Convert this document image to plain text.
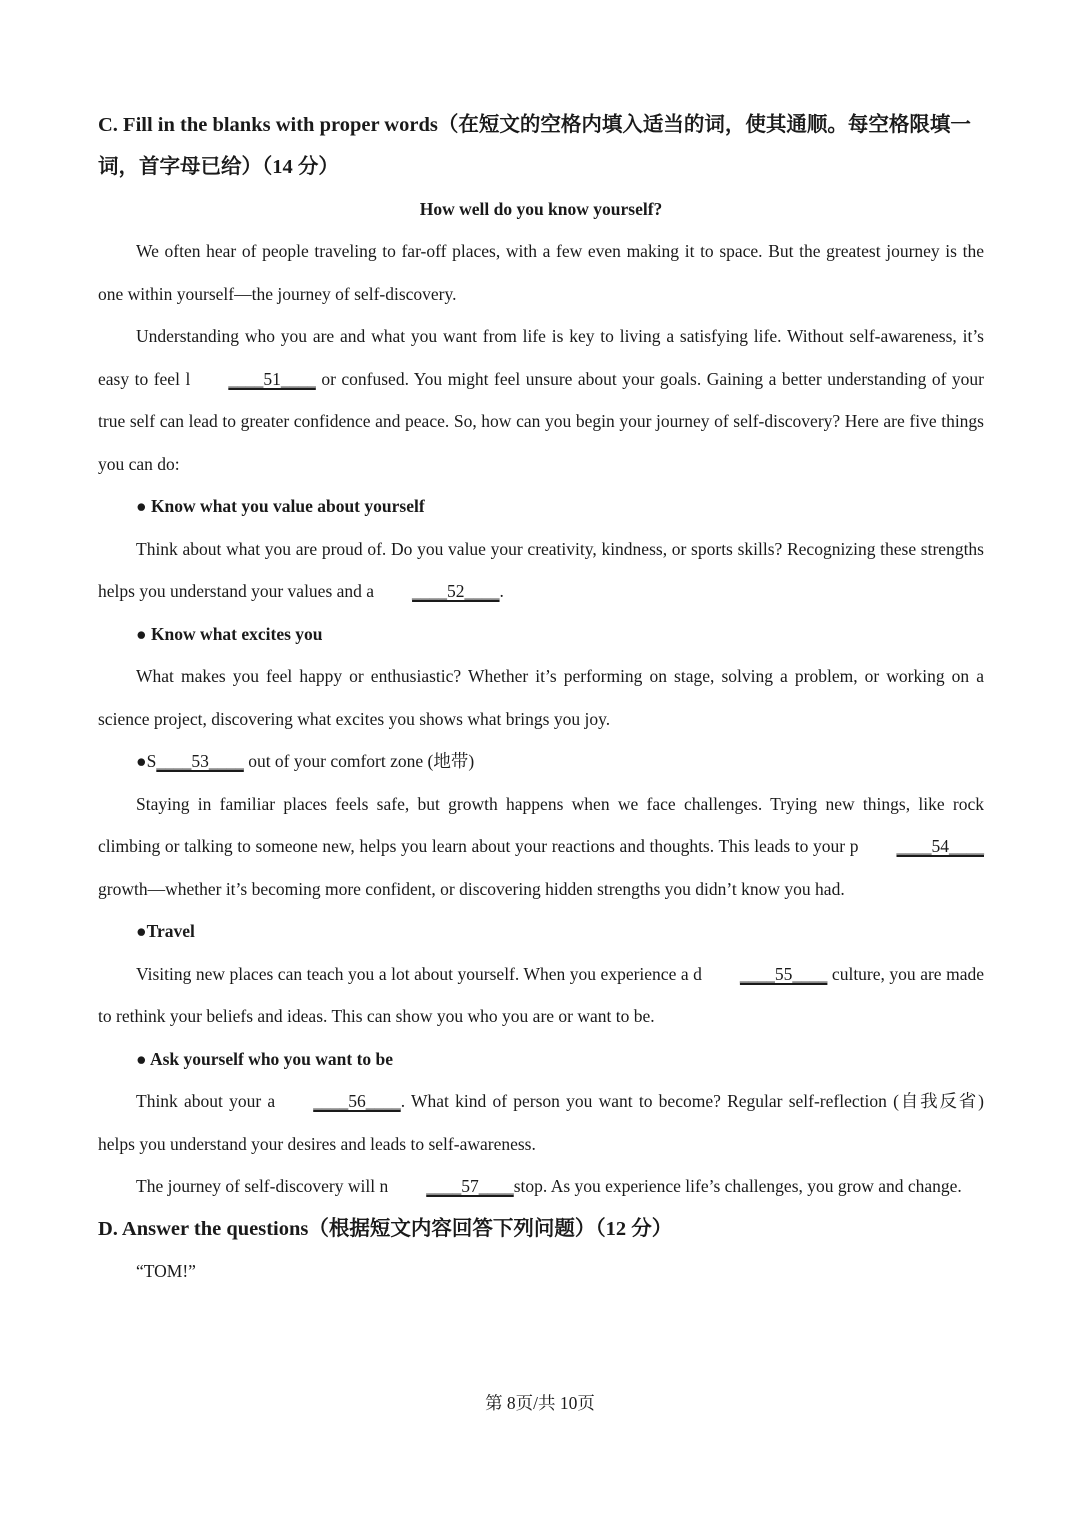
C. Fill in the blanks with proper words（在短文的空格内填入适当的词，使其通顺。每空格限填一词，首字母已给）（14 分）

How well do you know yourself?

We often hear of people traveling to far-off places, with a few even making it to space. But the greatest journey is the one within yourself—the journey of self-discovery.

Understanding who you are and what you want from life is key to living a satisfying life. Without self-awareness, it’s easy to feel l ____51____ or confused. You might feel unsure about your goals. Gaining a better understanding of your true self can lead to greater confidence and peace. So, how can you begin your journey of self-discovery? Here are five things you can do:

● Know what you value about yourself

Think about what you are proud of. Do you value your creativity, kindness, or sports skills? Recognizing these strengths helps you understand your values and a ____52____.

● Know what excites you

What makes you feel happy or enthusiastic? Whether it’s performing on stage, solving a problem, or working on a science project, discovering what excites you shows what brings you joy.

●S____53____ out of your comfort zone (地带)

Staying in familiar places feels safe, but growth happens when we face challenges. Trying new things, like rock climbing or talking to someone new, helps you learn about your reactions and thoughts. This leads to your p ____54____ growth—whether it’s becoming more confident, or discovering hidden strengths you didn’t know you had.

●Travel

Visiting new places can teach you a lot about yourself. When you experience a d ____55____ culture, you are made to rethink your beliefs and ideas. This can show you who you are or want to be.

● Ask yourself who you want to be

Think about your a ____56____. What kind of person you want to become? Regular self-reflection (自我反省) helps you understand your desires and leads to self-awareness.

The journey of self-discovery will n ____57____stop. As you experience life’s challenges, you grow and change.

D. Answer the questions（根据短文内容回答下列问题）（12 分）

“TOM!”

第 8页/共 10页
